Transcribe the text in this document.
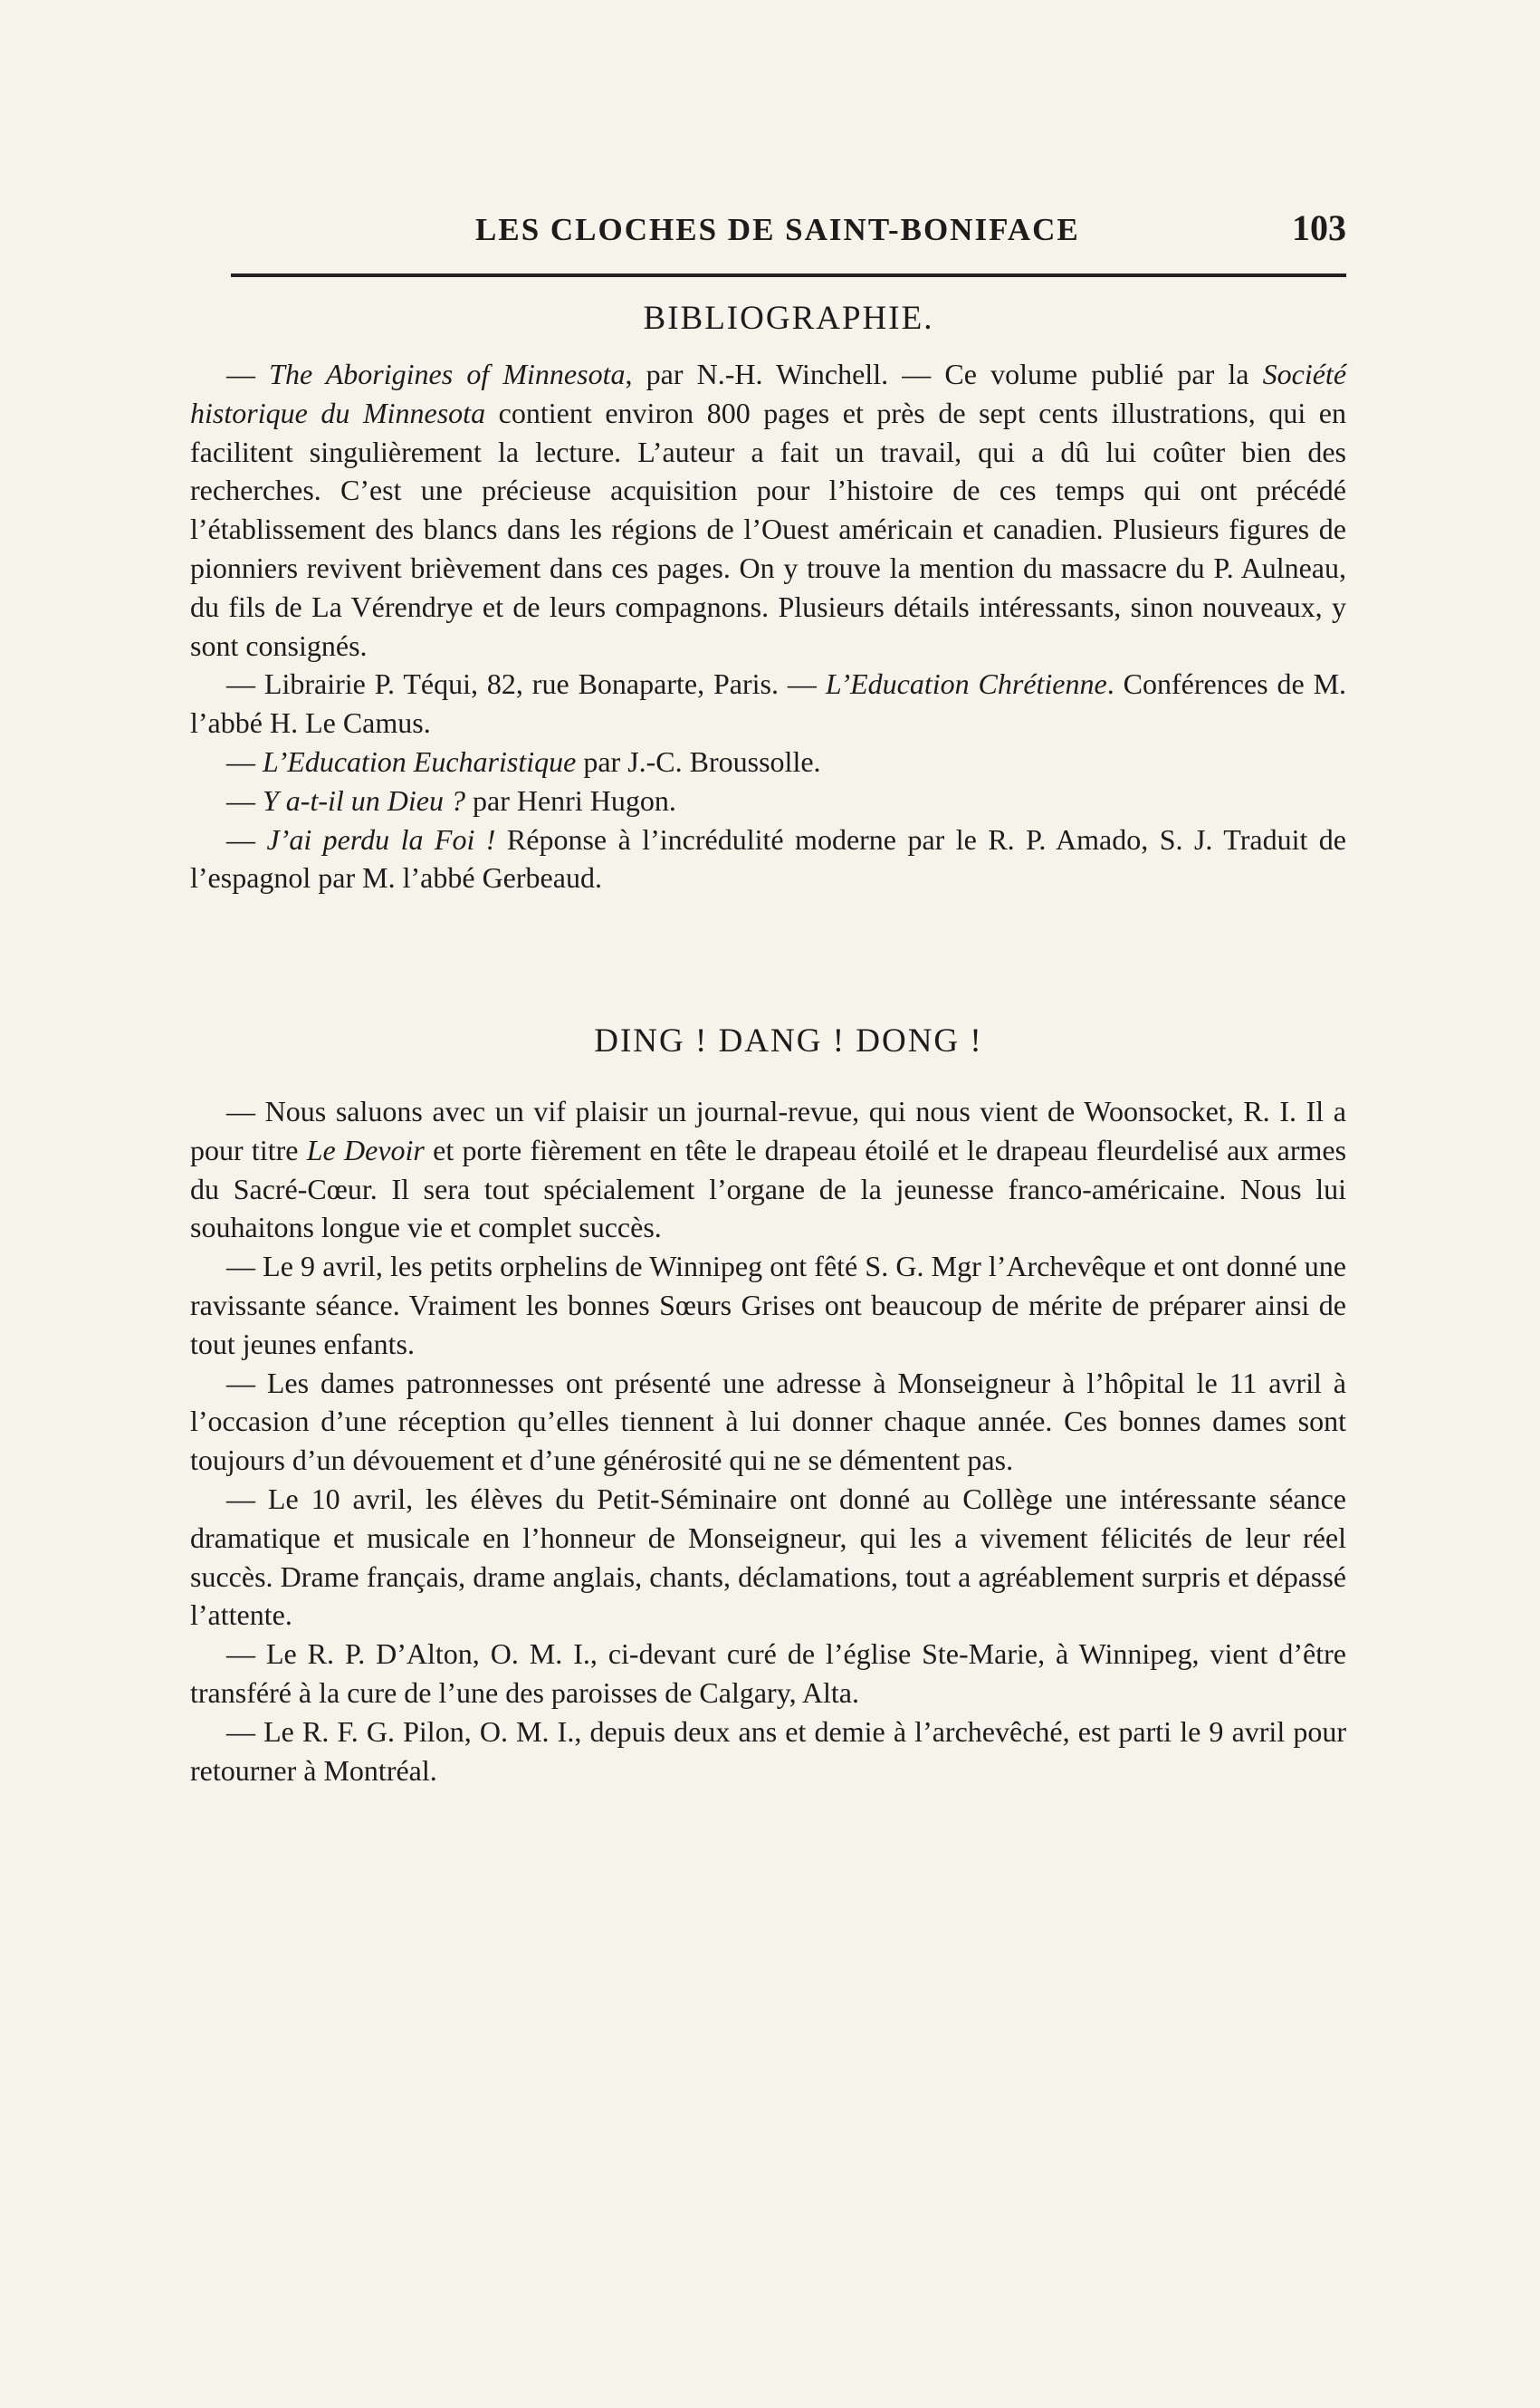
LES CLOCHES DE SAINT-BONIFACE	103
BIBLIOGRAPHIE.

— The Aborigines of Minnesota, par N.-H. Winchell. — Ce volume publié par la Société historique du Minnesota contient environ 800 pages et près de sept cents illustrations, qui en facilitent singulièrement la lecture. L’auteur a fait un travail, qui a dû lui coûter bien des recherches. C’est une précieuse acquisition pour l’histoire de ces temps qui ont précédé l’établissement des blancs dans les régions de l’Ouest américain et canadien. Plusieurs figures de pionniers revivent brièvement dans ces pages. On y trouve la mention du massacre du P. Aulneau, du fils de La Vérendrye et de leurs compagnons. Plusieurs détails intéressants, sinon nouveaux, y sont consignés.

— Librairie P. Téqui, 82, rue Bonaparte, Paris. — L’Education Chrétienne. Conférences de M. l’abbé H. Le Camus.

— L’Education Eucharistique par J.-C. Broussolle.

— Y a-t-il un Dieu ? par Henri Hugon.

— J’ai perdu la Foi ! Réponse à l’incrédulité moderne par le R. P. Amado, S. J. Traduit de l’espagnol par M. l’abbé Gerbeaud.

DING ! DANG ! DONG !

— Nous saluons avec un vif plaisir un journal-revue, qui nous vient de Woonsocket, R. I. Il a pour titre Le Devoir et porte fièrement en tête le drapeau étoilé et le drapeau fleurdelisé aux armes du Sacré-Cœur. Il sera tout spécialement l’organe de la jeunesse franco-américaine. Nous lui souhaitons longue vie et complet succès.

— Le 9 avril, les petits orphelins de Winnipeg ont fêté S. G. Mgr l’Archevêque et ont donné une ravissante séance. Vraiment les bonnes Sœurs Grises ont beaucoup de mérite de préparer ainsi de tout jeunes enfants.

— Les dames patronnesses ont présenté une adresse à Monseigneur à l’hôpital le 11 avril à l’occasion d’une réception qu’elles tiennent à lui donner chaque année. Ces bonnes dames sont toujours d’un dévouement et d’une générosité qui ne se démentent pas.

— Le 10 avril, les élèves du Petit-Séminaire ont donné au Collège une intéressante séance dramatique et musicale en l’honneur de Monseigneur, qui les a vivement félicités de leur réel succès. Drame français, drame anglais, chants, déclamations, tout a agréablement surpris et dépassé l’attente.

— Le R. P. D’Alton, O. M. I., ci-devant curé de l’église Ste-Marie, à Winnipeg, vient d’être transféré à la cure de l’une des paroisses de Calgary, Alta.

— Le R. F. G. Pilon, O. M. I., depuis deux ans et demie à l’archevêché, est parti le 9 avril pour retourner à Montréal.
